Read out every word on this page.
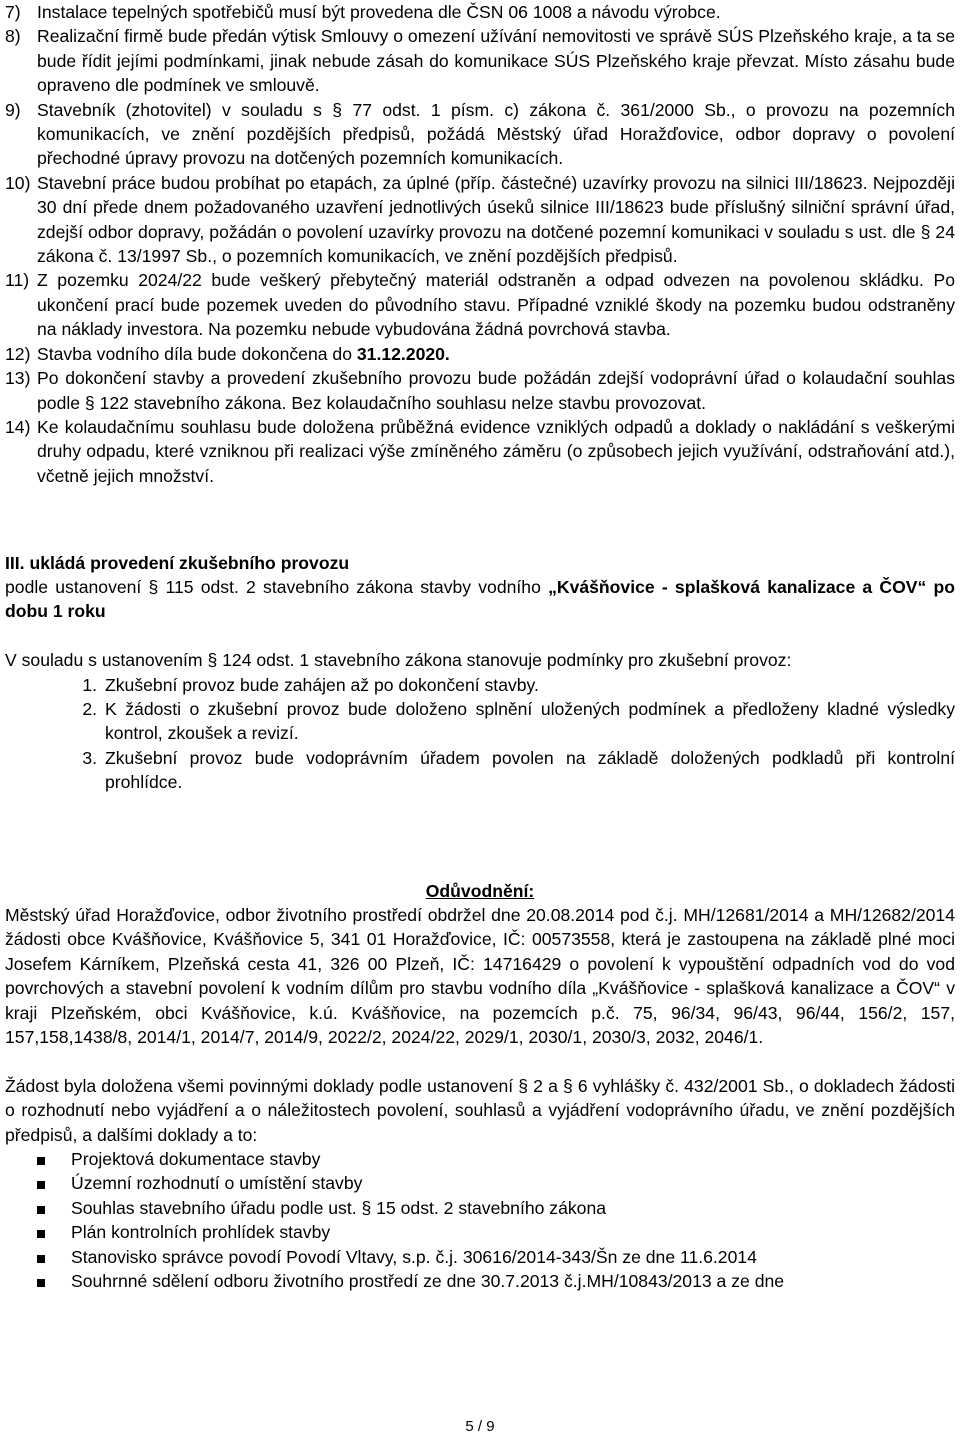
7) Instalace tepelných spotřebičů musí být provedena dle ČSN 06 1008 a návodu výrobce.

8) Realizační firmě bude předán výtisk Smlouvy o omezení užívání nemovitosti ve správě SÚS Plzeňského kraje, a ta se bude řídit jejími podmínkami, jinak nebude zásah do komunikace SÚS Plzeňského kraje převzat. Místo zásahu bude opraveno dle podmínek ve smlouvě.

9) Stavebník (zhotovitel) v souladu s § 77 odst. 1 písm. c) zákona č. 361/2000 Sb., o provozu na pozemních komunikacích, ve znění pozdějších předpisů, požádá Městský úřad Horažďovice, odbor dopravy o povolení přechodné úpravy provozu na dotčených pozemních komunikacích.

10) Stavební práce budou probíhat po etapách, za úplné (příp. částečné) uzavírky provozu na silnici III/18623. Nejpozději 30 dní přede dnem požadovaného uzavření jednotlivých úseků silnice III/18623 bude příslušný silniční správní úřad, zdejší odbor dopravy, požádán o povolení uzavírky provozu na dotčené pozemní komunikaci v souladu s ust. dle § 24 zákona č. 13/1997 Sb., o pozemních komunikacích, ve znění pozdějších předpisů.

11) Z pozemku 2024/22 bude veškerý přebytečný materiál odstraněn a odpad odvezen na povolenou skládku. Po ukončení prací bude pozemek uveden do původního stavu. Případné vzniklé škody na pozemku budou odstraněny na náklady investora. Na pozemku nebude vybudována žádná povrchová stavba.

12) Stavba vodního díla bude dokončena do 31.12.2020.

13) Po dokončení stavby a provedení zkušebního provozu bude požádán zdejší vodoprávní úřad o kolaudační souhlas podle § 122 stavebního zákona. Bez kolaudačního souhlasu nelze stavbu provozovat.

14) Ke kolaudačnímu souhlasu bude doložena průběžná evidence vzniklých odpadů a doklady o nakládání s veškerými druhy odpadu, které vzniknou při realizaci výše zmíněného záměru (o způsobech jejich využívání, odstraňování atd.), včetně jejich množství.

III. ukládá provedení zkušebního provozu

podle ustanovení § 115 odst. 2 stavebního zákona stavby vodního „Kvášňovice - splašková kanalizace a ČOV“ po dobu 1 roku

V souladu s ustanovením § 124 odst. 1 stavebního zákona stanovuje podmínky pro zkušební provoz:

1. Zkušební provoz bude zahájen až po dokončení stavby.

2. K žádosti o zkušební provoz bude doloženo splnění uložených podmínek a předloženy kladné výsledky kontrol, zkoušek a revizí.

3. Zkušební provoz bude vodoprávním úřadem povolen na základě doložených podkladů při kontrolní prohlídce.

Odůvodnění:

Městský úřad Horažďovice, odbor životního prostředí obdržel dne 20.08.2014 pod č.j. MH/12681/2014 a MH/12682/2014 žádosti obce Kvášňovice, Kvášňovice 5, 341 01 Horažďovice, IČ: 00573558, která je zastoupena na základě plné moci Josefem Kárníkem, Plzeňská cesta 41, 326 00 Plzeň, IČ: 14716429 o povolení k vypouštění odpadních vod do vod povrchových a stavební povolení k vodním dílům pro stavbu vodního díla „Kvášňovice - splašková kanalizace a ČOV“ v kraji Plzeňském, obci Kvášňovice, k.ú. Kvášňovice, na pozemcích p.č. 75, 96/34, 96/43, 96/44, 156/2, 157, 157,158,1438/8, 2014/1, 2014/7, 2014/9, 2022/2, 2024/22, 2029/1, 2030/1, 2030/3, 2032, 2046/1.

Žádost byla doložena všemi povinnými doklady podle ustanovení § 2 a § 6 vyhlášky č. 432/2001 Sb., o dokladech žádosti o rozhodnutí nebo vyjádření a o náležitostech povolení, souhlasů a vyjádření vodoprávního úřadu, ve znění pozdějších předpisů, a dalšími doklady a to:

Projektová dokumentace stavby

Územní rozhodnutí o umístění stavby

Souhlas stavebního úřadu podle ust. § 15 odst. 2 stavebního zákona

Plán kontrolních prohlídek stavby

Stanovisko správce povodí Povodí Vltavy, s.p. č.j. 30616/2014-343/Šn ze dne 11.6.2014

Souhrnné sdělení odboru životního prostředí ze dne 30.7.2013 č.j.MH/10843/2013 a ze dne

5 / 9
